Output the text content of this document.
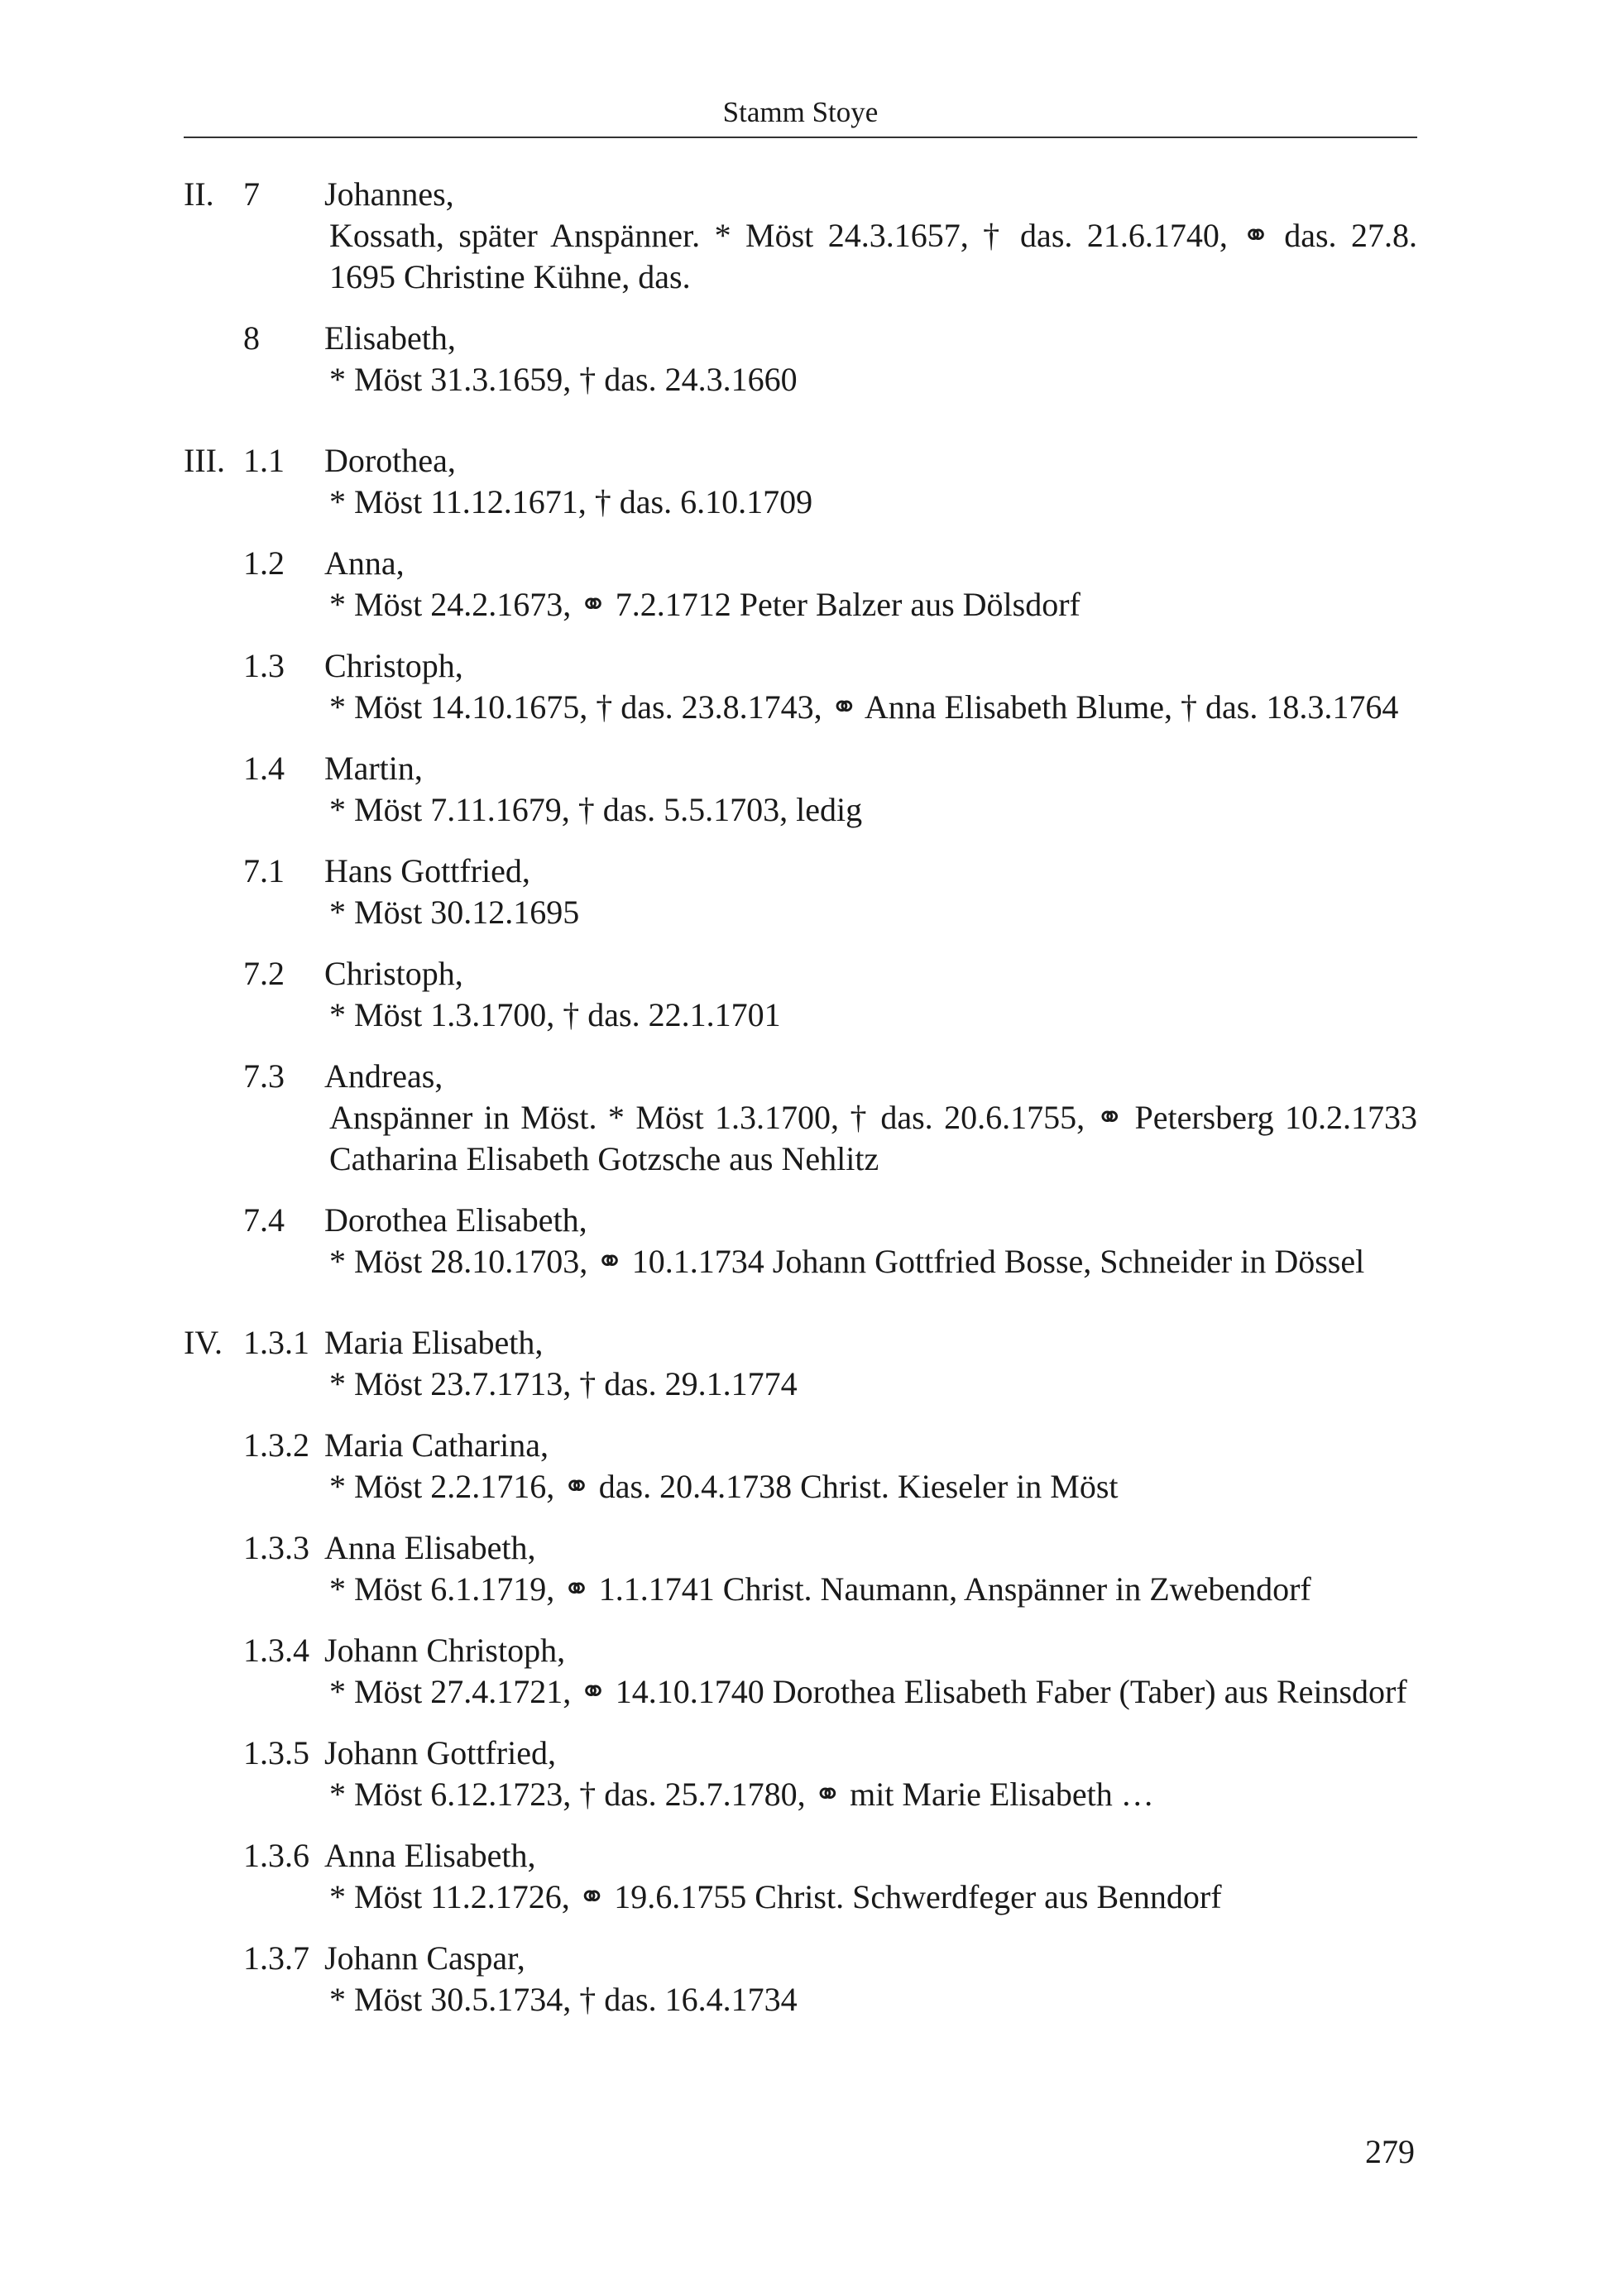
Stamm Stoye
II. 7	Johannes,
Kossath, später Anspänner. * Möst 24.3.1657, † das. 21.6.1740, ⚭ das. 27.8. 1695 Christine Kühne, das.
8	Elisabeth,
* Möst 31.3.1659, † das. 24.3.1660
III. 1.1	Dorothea,
* Möst 11.12.1671, † das. 6.10.1709
1.2	Anna,
* Möst 24.2.1673, ⚭ 7.2.1712 Peter Balzer aus Dölsdorf
1.3	Christoph,
* Möst 14.10.1675, † das. 23.8.1743, ⚭ Anna Elisabeth Blume, † das. 18.3.1764
1.4	Martin,
* Möst 7.11.1679, † das. 5.5.1703, ledig
7.1	Hans Gottfried,
* Möst 30.12.1695
7.2	Christoph,
* Möst 1.3.1700, † das. 22.1.1701
7.3	Andreas,
Anspänner in Möst. * Möst 1.3.1700, † das. 20.6.1755, ⚭ Petersberg 10.2.1733 Catharina Elisabeth Gotzsche aus Nehlitz
7.4	Dorothea Elisabeth,
* Möst 28.10.1703, ⚭ 10.1.1734 Johann Gottfried Bosse, Schneider in Dössel
IV. 1.3.1 Maria Elisabeth,
* Möst 23.7.1713, † das. 29.1.1774
1.3.2 Maria Catharina,
* Möst 2.2.1716, ⚭ das. 20.4.1738 Christ. Kieseler in Möst
1.3.3 Anna Elisabeth,
* Möst 6.1.1719, ⚭ 1.1.1741 Christ. Naumann, Anspänner in Zwebendorf
1.3.4 Johann Christoph,
* Möst 27.4.1721, ⚭ 14.10.1740 Dorothea Elisabeth Faber (Taber) aus Reinsdorf
1.3.5 Johann Gottfried,
* Möst 6.12.1723, † das. 25.7.1780, ⚭ mit Marie Elisabeth …
1.3.6 Anna Elisabeth,
* Möst 11.2.1726, ⚭ 19.6.1755 Christ. Schwerdfeger aus Benndorf
1.3.7 Johann Caspar,
* Möst 30.5.1734, † das. 16.4.1734
279
